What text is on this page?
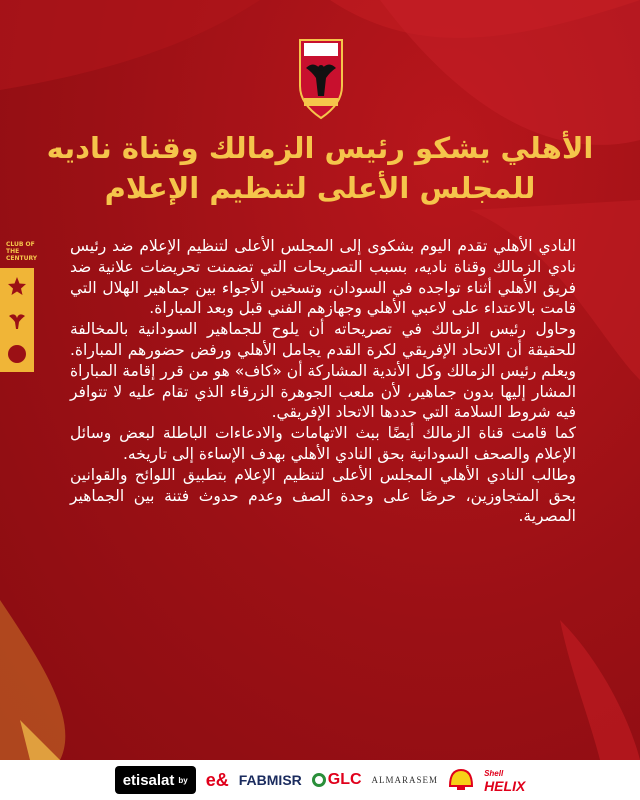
الأهلي يشكو رئيس الزمالك وقناة ناديه
للمجلس الأعلى لتنظيم الإعلام
CLUB OF
THE CENTURY

النادي الأهلي تقدم اليوم بشكوى إلى المجلس الأعلى لتنظيم الإعلام ضد رئيس نادي الزمالك وقناة ناديه، بسبب التصريحات التي تضمنت تحريضات علانية ضد فريق الأهلي أثناء تواجده في السودان، وتسخين الأجواء بين جماهير الهلال التي قامت بالاعتداء على لاعبي الأهلي وجهازهم الفني قبل وبعد المباراة.

وحاول رئيس الزمالك في تصريحاته أن يلوح للجماهير السودانية بالمخالفة للحقيقة أن الاتحاد الإفريقي لكرة القدم يجامل الأهلي ورفض حضورهم المباراة. ويعلم رئيس الزمالك وكل الأندية المشاركة أن «كاف» هو من قرر إقامة المباراة المشار إليها بدون جماهير، لأن ملعب الجوهرة الزرقاء الذي تقام عليه لا تتوافر فيه شروط السلامة التي حددها الاتحاد الإفريقي.

كما قامت قناة الزمالك أيضًا ببث الاتهامات والادعاءات الباطلة لبعض وسائل الإعلام والصحف السودانية بحق النادي الأهلي بهدف الإساءة إلى تاريخه.

وطالب النادي الأهلي المجلس الأعلى لتنظيم الإعلام بتطبيق اللوائح والقوانين بحق المتجاوزين، حرصًا على وحدة الصف وعدم حدوث فتنة بين الجماهير المصرية.

etisalat by e& FABMISR GLC ALMARASEM
Shell
HELIX
